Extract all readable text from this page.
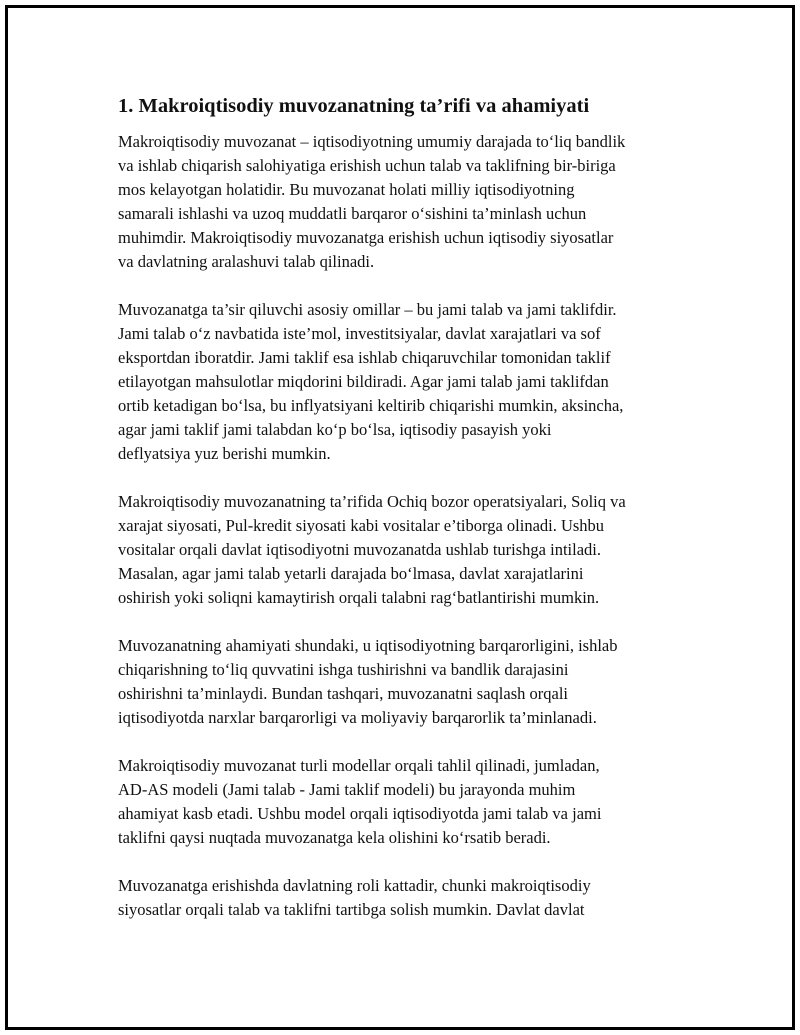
1. Makroiqtisodiy muvozanatning ta’rifi va ahamiyati

Makroiqtisodiy muvozanat – iqtisodiyotning umumiy darajada to‘liq bandlik
va ishlab chiqarish salohiyatiga erishish uchun talab va taklifning bir-biriga
mos kelayotgan holatidir. Bu muvozanat holati milliy iqtisodiyotning
samarali ishlashi va uzoq muddatli barqaror o‘sishini ta’minlash uchun
muhimdir. Makroiqtisodiy muvozanatga erishish uchun iqtisodiy siyosatlar
va davlatning aralashuvi talab qilinadi.

Muvozanatga ta’sir qiluvchi asosiy omillar – bu jami talab va jami taklifdir.
Jami talab o‘z navbatida iste’mol, investitsiyalar, davlat xarajatlari va sof
eksportdan iboratdir. Jami taklif esa ishlab chiqaruvchilar tomonidan taklif
etilayotgan mahsulotlar miqdorini bildiradi. Agar jami talab jami taklifdan
ortib ketadigan bo‘lsa, bu inflyatsiyani keltirib chiqarishi mumkin, aksincha,
agar jami taklif jami talabdan ko‘p bo‘lsa, iqtisodiy pasayish yoki
deflyatsiya yuz berishi mumkin.

Makroiqtisodiy muvozanatning ta’rifida Ochiq bozor operatsiyalari, Soliq va
xarajat siyosati, Pul-kredit siyosati kabi vositalar e’tiborga olinadi. Ushbu
vositalar orqali davlat iqtisodiyotni muvozanatda ushlab turishga intiladi.
Masalan, agar jami talab yetarli darajada bo‘lmasa, davlat xarajatlarini
oshirish yoki soliqni kamaytirish orqali talabni rag‘batlantirishi mumkin.

Muvozanatning ahamiyati shundaki, u iqtisodiyotning barqarorligini, ishlab
chiqarishning to‘liq quvvatini ishga tushirishni va bandlik darajasini
oshirishni ta’minlaydi. Bundan tashqari, muvozanatni saqlash orqali
iqtisodiyotda narxlar barqarorligi va moliyaviy barqarorlik ta’minlanadi.

Makroiqtisodiy muvozanat turli modellar orqali tahlil qilinadi, jumladan,
AD-AS modeli (Jami talab - Jami taklif modeli) bu jarayonda muhim
ahamiyat kasb etadi. Ushbu model orqali iqtisodiyotda jami talab va jami
taklifni qaysi nuqtada muvozanatga kela olishini ko‘rsatib beradi.

Muvozanatga erishishda davlatning roli kattadir, chunki makroiqtisodiy
siyosatlar orqali talab va taklifni tartibga solish mumkin. Davlat davlat
